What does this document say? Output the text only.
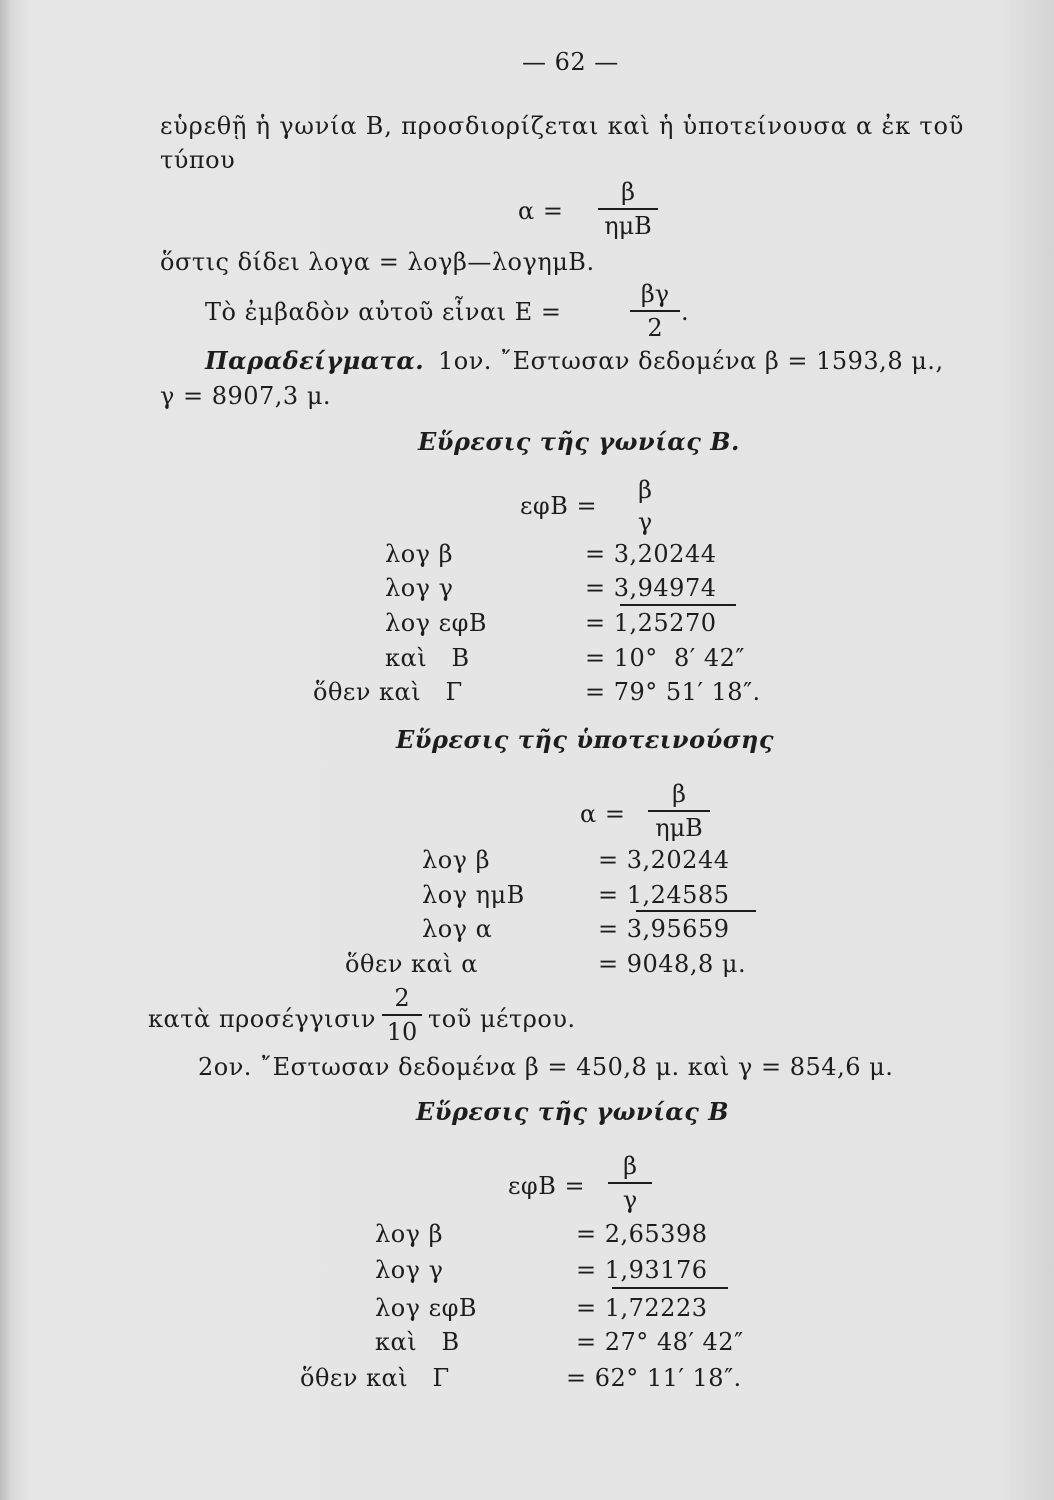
— 62 —
εὑρεθῇ ἡ γωνία Β, προσδιορίζεται καὶ ἡ ὑποτείνουσα α ἐκ τοῦ
τύπου
α =
β
ημΒ
ὅστις δίδει λογα = λογβ—λογημΒ.
Τὸ ἐμβαδὸν αὐτοῦ εἶναι Ε =	$\frac{\beta\gamma}{2}$ .
Παραδείγματα. 1ον. ῎Εστωσαν δεδομένα β = 1593,8 μ.,
γ = 8907,3 μ.
Εὕρεσις τῆς γωνίας Β.
εφΒ =
β
γ
λογ β	= 3,20244
λογ γ	= 3,94974
λογ εφΒ	= 1,25270
καὶ   Β	= 10°  8′ 42″
ὅθεν καὶ   Γ	= 79° 51′ 18″.
Εὕρεσις τῆς ὑποτεινούσης
α =
β
ημΒ
λογ β	= 3,20244
λογ ημΒ	= 1,24585
λογ α	= 3,95659
ὅθεν καὶ α	= 9048,8 μ.
κατὰ προσέγγισιν $\frac{2}{10}$ τοῦ μέτρου.
2ον. ῎Εστωσαν δεδομένα β = 450,8 μ. καὶ γ = 854,6 μ.
Εὕρεσις τῆς γωνίας Β
$\varepsilon\varphi B = \frac{\beta}{\gamma}$
λογ β	= 2,65398
λογ γ	= 1,93176
λογ εφΒ	= 1,72223
καὶ   Β	= 27° 48′ 42″
ὅθεν καὶ   Γ	= 62° 11′ 18″.
